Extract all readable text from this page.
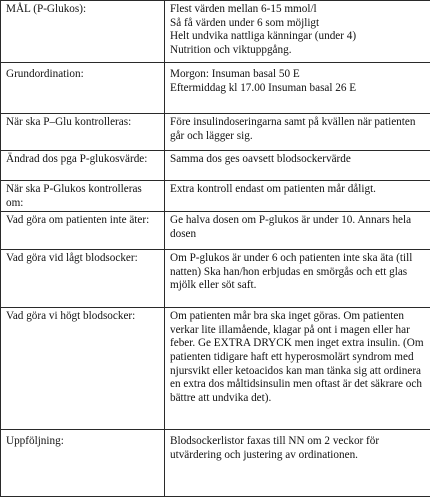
MÅL (P-Glukos):	Flest värden mellan 6-15 mmol/l
Så få värden under 6 som möjligt
Helt undvika nattliga känningar (under 4)
Nutrition och viktuppgång.

Grundordination:	Morgon: Insuman basal 50 E
Eftermiddag kl 17.00 Insuman basal 26 E

När ska P–Glu kontrolleras:	Före insulindoseringarna samt på kvällen när patienten går och lägger sig.
Ändrad dos pga P-glukosvärde:	Samma dos ges oavsett blodsockervärde
När ska P-Glukos kontrolleras om:	Extra kontroll endast om patienten mår dåligt.
Vad göra om patienten inte äter:	Ge halva dosen om P-glukos är under 10. Annars hela dosen
Vad göra vid lågt blodsocker:	Om P-glukos är under 6 och patienten inte ska äta (till natten) Ska han/hon erbjudas en smörgås och ett glas mjölk eller söt saft.
Vad göra vi högt blodsocker:	Om patienten mår bra ska inget göras. Om patienten verkar lite illamående, klagar på ont i magen eller har feber. Ge EXTRA DRYCK men inget extra insulin. (Om patienten tidigare haft ett hyperosmolärt syndrom med njursvikt eller ketoacidos kan man tänka sig att ordinera en extra dos måltidsinsulin men oftast är det säkrare och bättre att undvika det).
Uppföljning:	Blodsockerlistor faxas till NN om 2 veckor för utvärdering och justering av ordinationen.
